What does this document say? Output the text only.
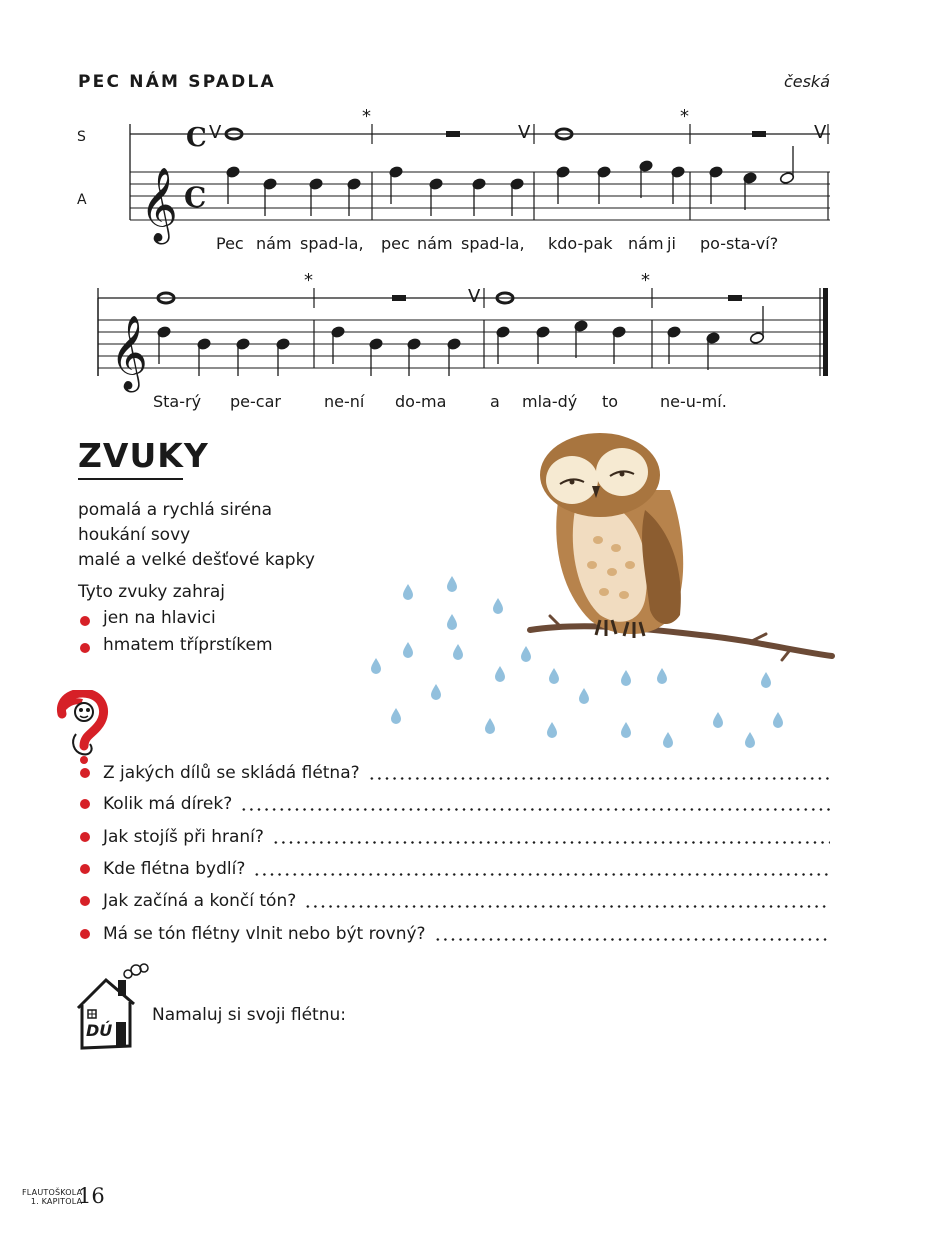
PEC NÁM SPADLA	česká
S
A 𝄞
𝄞
C
C
V	V	V
V
*	*
*	*
Pec nám spad-la, pec nám spad-la, kdo-pak nám ji po-sta-ví?
Sta-rý pe-car	ne-ní do-ma	a mla-dý to	ne-u-mí.
ZVUKY
pomalá a rychlá siréna
houkání sovy
malé a velké dešťové kapky
Tyto zvuky zahraj
jen na hlavici
hmatem tříprstíkem
Z jakých dílů se skládá flétna?
Kolik má dírek?
Jak stojíš při hraní?
Kde flétna bydlí?
Jak začíná a končí tón?
Má se tón flétny vlnit nebo být rovný?
DÚ
Namaluj si svoji flétnu:
FLAUTOŠKOLA
1. KAPITOLA
16
